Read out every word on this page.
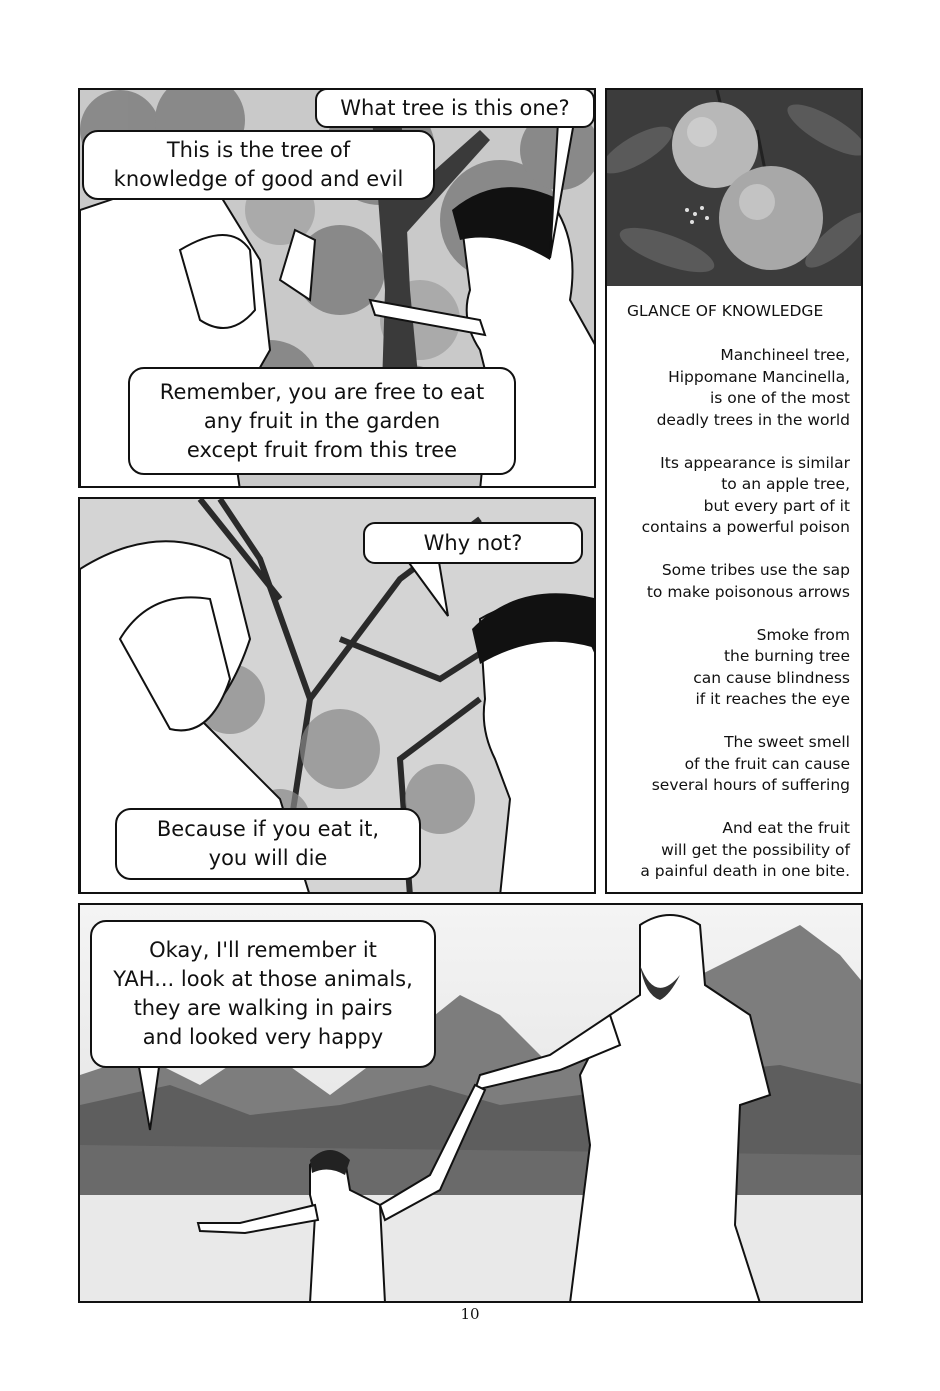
What tree is this one?
This is the tree of
knowledge of good and evil
Remember, you are free to eat
any fruit in the garden
except fruit from this tree
Why not?
Because if you eat it,
you will die
GLANCE OF KNOWLEDGE
Manchineel tree,
Hippomane Mancinella,
is one of the most
deadly trees in the world
Its appearance is similar
to an apple tree,
but every part of it
contains a powerful poison
Some tribes use the sap
to make poisonous arrows
Smoke from
the burning tree
can cause blindness
if it reaches the eye
The sweet smell
of the fruit can cause
several hours of suffering
And eat the fruit
will get the possibility of
a painful death in one bite.
Okay, I'll remember it
YAH... look at those animals,
they are walking in pairs
and looked very happy
10
